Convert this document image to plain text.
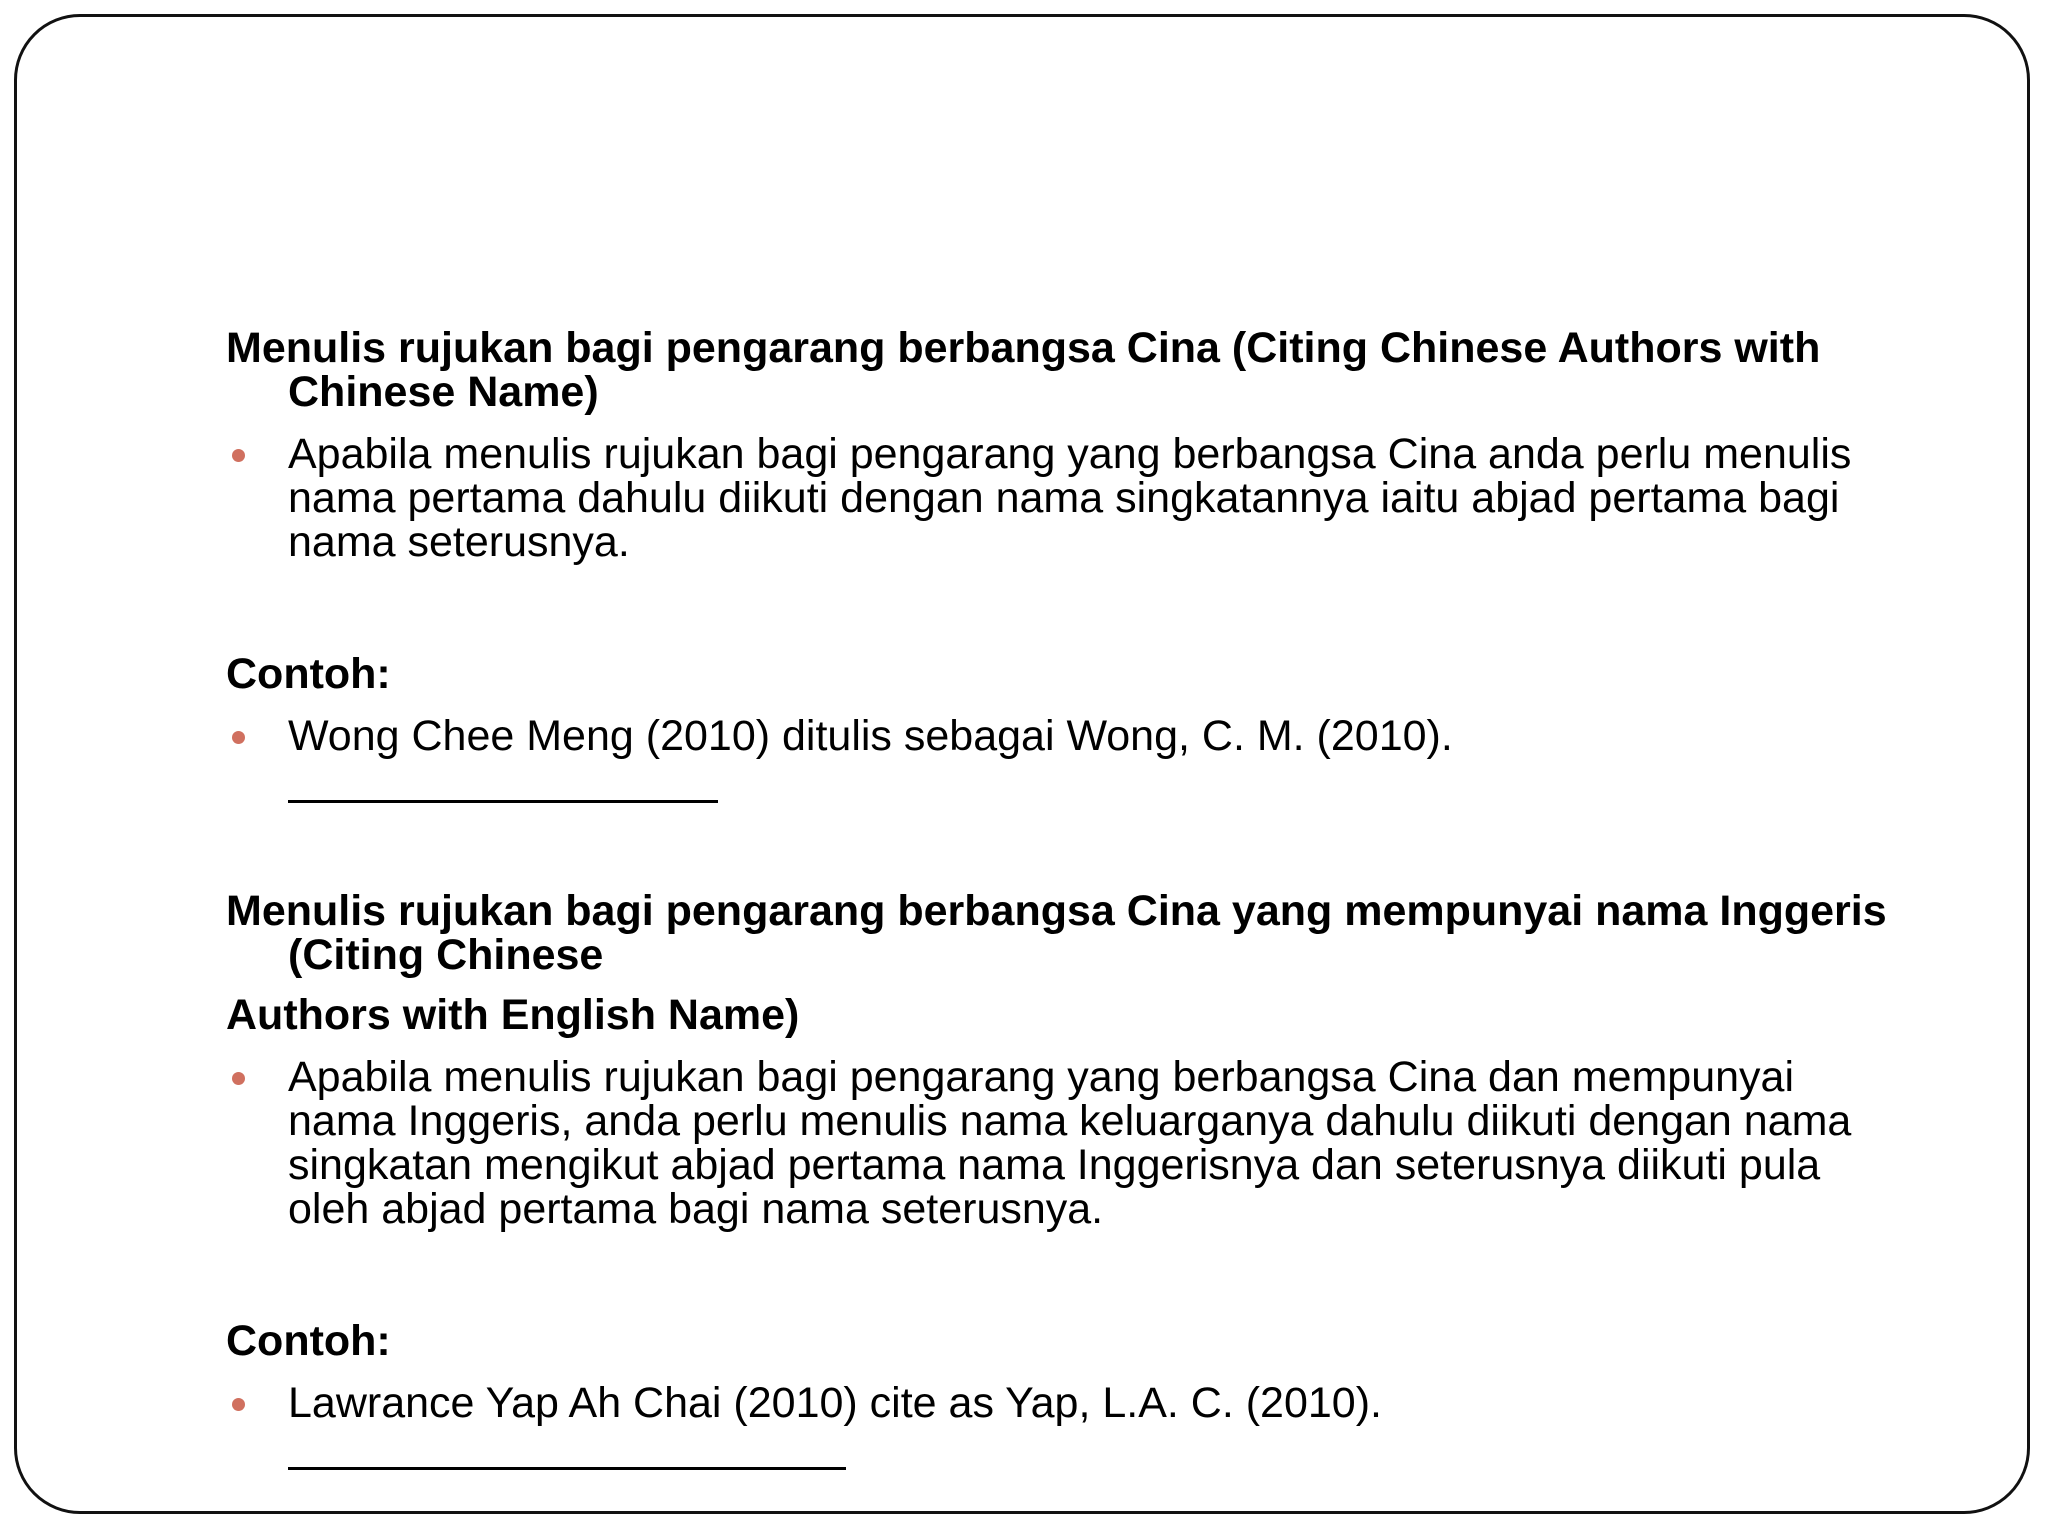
Menulis rujukan bagi pengarang berbangsa Cina (Citing Chinese Authors with Chinese Name)
Apabila menulis rujukan bagi pengarang yang berbangsa Cina anda perlu menulis nama pertama dahulu diikuti dengan nama singkatannya iaitu abjad pertama bagi nama seterusnya.
Contoh:
Wong Chee Meng (2010) ditulis sebagai Wong, C. M. (2010).
Menulis rujukan bagi pengarang berbangsa Cina yang mempunyai nama Inggeris (Citing Chinese
Authors with English Name)
Apabila menulis rujukan bagi pengarang yang berbangsa Cina dan mempunyai nama Inggeris, anda perlu menulis nama keluarganya dahulu diikuti dengan nama singkatan mengikut abjad pertama nama Inggerisnya dan seterusnya diikuti pula oleh abjad pertama bagi nama seterusnya.
Contoh:
Lawrance Yap Ah Chai (2010) cite as Yap, L.A. C. (2010).
